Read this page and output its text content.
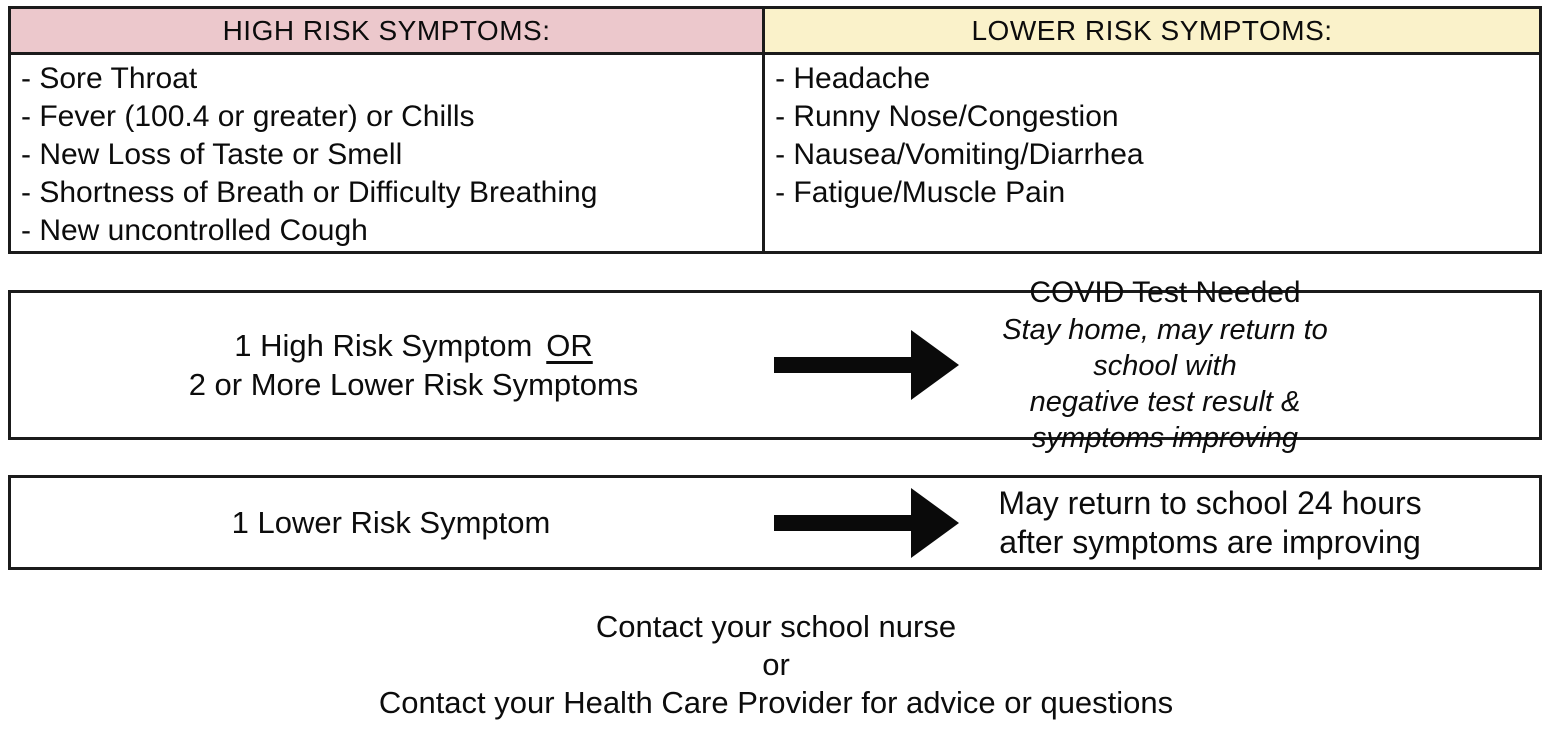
HIGH RISK SYMPTOMS:
- Sore Throat
- Fever (100.4 or greater) or Chills
- New Loss of Taste or Smell
- Shortness of Breath or Difficulty Breathing
- New uncontrolled Cough
LOWER RISK SYMPTOMS:
- Headache
- Runny Nose/Congestion
- Nausea/Vomiting/Diarrhea
- Fatigue/Muscle Pain
1 High Risk Symptom OR
2 or More Lower Risk Symptoms
COVID Test Needed
Stay home, may return to school with
negative test result & symptoms improving
1 Lower Risk Symptom
May return to school 24 hours
after symptoms are improving
Contact your school nurse
or
Contact your Health Care Provider for advice or questions
